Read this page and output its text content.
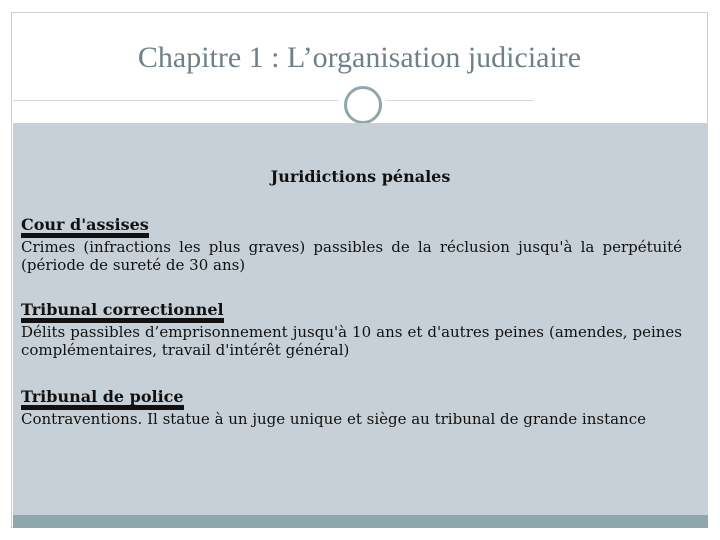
Chapitre 1 : L’organisation judiciaire
Juridictions pénales
Cour d'assises
Crimes (infractions les plus graves) passibles de la réclusion jusqu'à la perpétuité (période de sureté de 30 ans)
Tribunal correctionnel
Délits passibles d’emprisonnement jusqu'à 10 ans et d'autres peines (amendes, peines complémentaires, travail d'intérêt général)
Tribunal de police
Contraventions. Il statue à un juge unique et siège au tribunal de grande instance
